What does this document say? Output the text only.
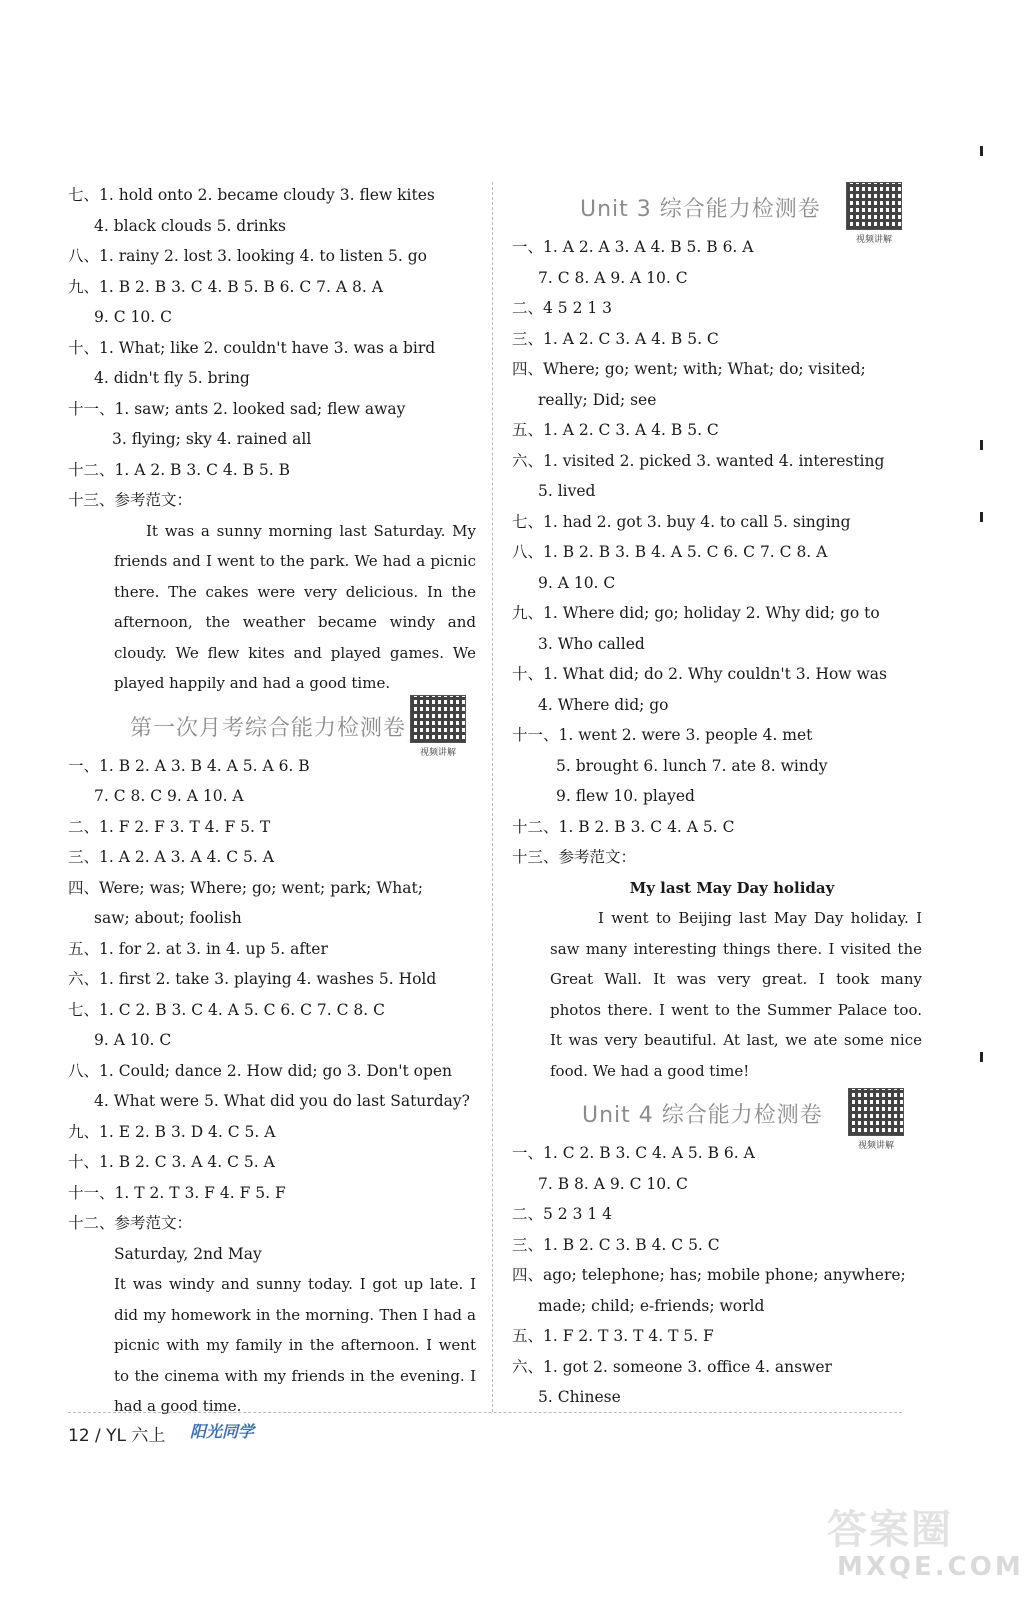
七、1. hold onto 2. became cloudy 3. flew kites
4. black clouds 5. drinks
八、1. rainy 2. lost 3. looking 4. to listen 5. go
九、1. B 2. B 3. C 4. B 5. B 6. C 7. A 8. A
9. C 10. C
十、1. What; like 2. couldn't have 3. was a bird
4. didn't fly 5. bring
十一、1. saw; ants 2. looked sad; flew away
3. flying; sky 4. rained all
十二、1. A 2. B 3. C 4. B 5. B
十三、参考范文：

It was a sunny morning last Saturday. My friends and I went to the park. We had a picnic there. The cakes were very delicious. In the afternoon, the weather became windy and cloudy. We flew kites and played games. We played happily and had a good time.

第一次月考综合能力检测卷
视频讲解
一、1. B 2. A 3. B 4. A 5. A 6. B
7. C 8. C 9. A 10. A
二、1. F 2. F 3. T 4. F 5. T
三、1. A 2. A 3. A 4. C 5. A
四、Were; was; Where; go; went; park; What;
saw; about; foolish
五、1. for 2. at 3. in 4. up 5. after
六、1. first 2. take 3. playing 4. washes 5. Hold
七、1. C 2. B 3. C 4. A 5. C 6. C 7. C 8. C
9. A 10. C
八、1. Could; dance 2. How did; go 3. Don't open
4. What were 5. What did you do last Saturday?
九、1. E 2. B 3. D 4. C 5. A
十、1. B 2. C 3. A 4. C 5. A
十一、1. T 2. T 3. F 4. F 5. F
十二、参考范文：
Saturday, 2nd May

It was windy and sunny today. I got up late. I did my homework in the morning. Then I had a picnic with my family in the afternoon. I went to the cinema with my friends in the evening. I had a good time.

Unit 3 综合能力检测卷
视频讲解
一、1. A 2. A 3. A 4. B 5. B 6. A
7. C 8. A 9. A 10. C
二、4 5 2 1 3
三、1. A 2. C 3. A 4. B 5. C
四、Where; go; went; with; What; do; visited;
really; Did; see
五、1. A 2. C 3. A 4. B 5. C
六、1. visited 2. picked 3. wanted 4. interesting
5. lived
七、1. had 2. got 3. buy 4. to call 5. singing
八、1. B 2. B 3. B 4. A 5. C 6. C 7. C 8. A
9. A 10. C
九、1. Where did; go; holiday 2. Why did; go to
3. Who called
十、1. What did; do 2. Why couldn't 3. How was
4. Where did; go
十一、1. went 2. were 3. people 4. met
5. brought 6. lunch 7. ate 8. windy
9. flew 10. played
十二、1. B 2. B 3. C 4. A 5. C
十三、参考范文：
My last May Day holiday

I went to Beijing last May Day holiday. I saw many interesting things there. I visited the Great Wall. It was very great. I took many photos there. I went to the Summer Palace too. It was very beautiful. At last, we ate some nice food. We had a good time!

Unit 4 综合能力检测卷
视频讲解
一、1. C 2. B 3. C 4. A 5. B 6. A
7. B 8. A 9. C 10. C
二、5 2 3 1 4
三、1. B 2. C 3. B 4. C 5. C
四、ago; telephone; has; mobile phone; anywhere;
made; child; e-friends; world
五、1. F 2. T 3. T 4. T 5. F
六、1. got 2. someone 3. office 4. answer
5. Chinese
12 / YL 六上 阳光同学
答案圈
MXQE.COM
